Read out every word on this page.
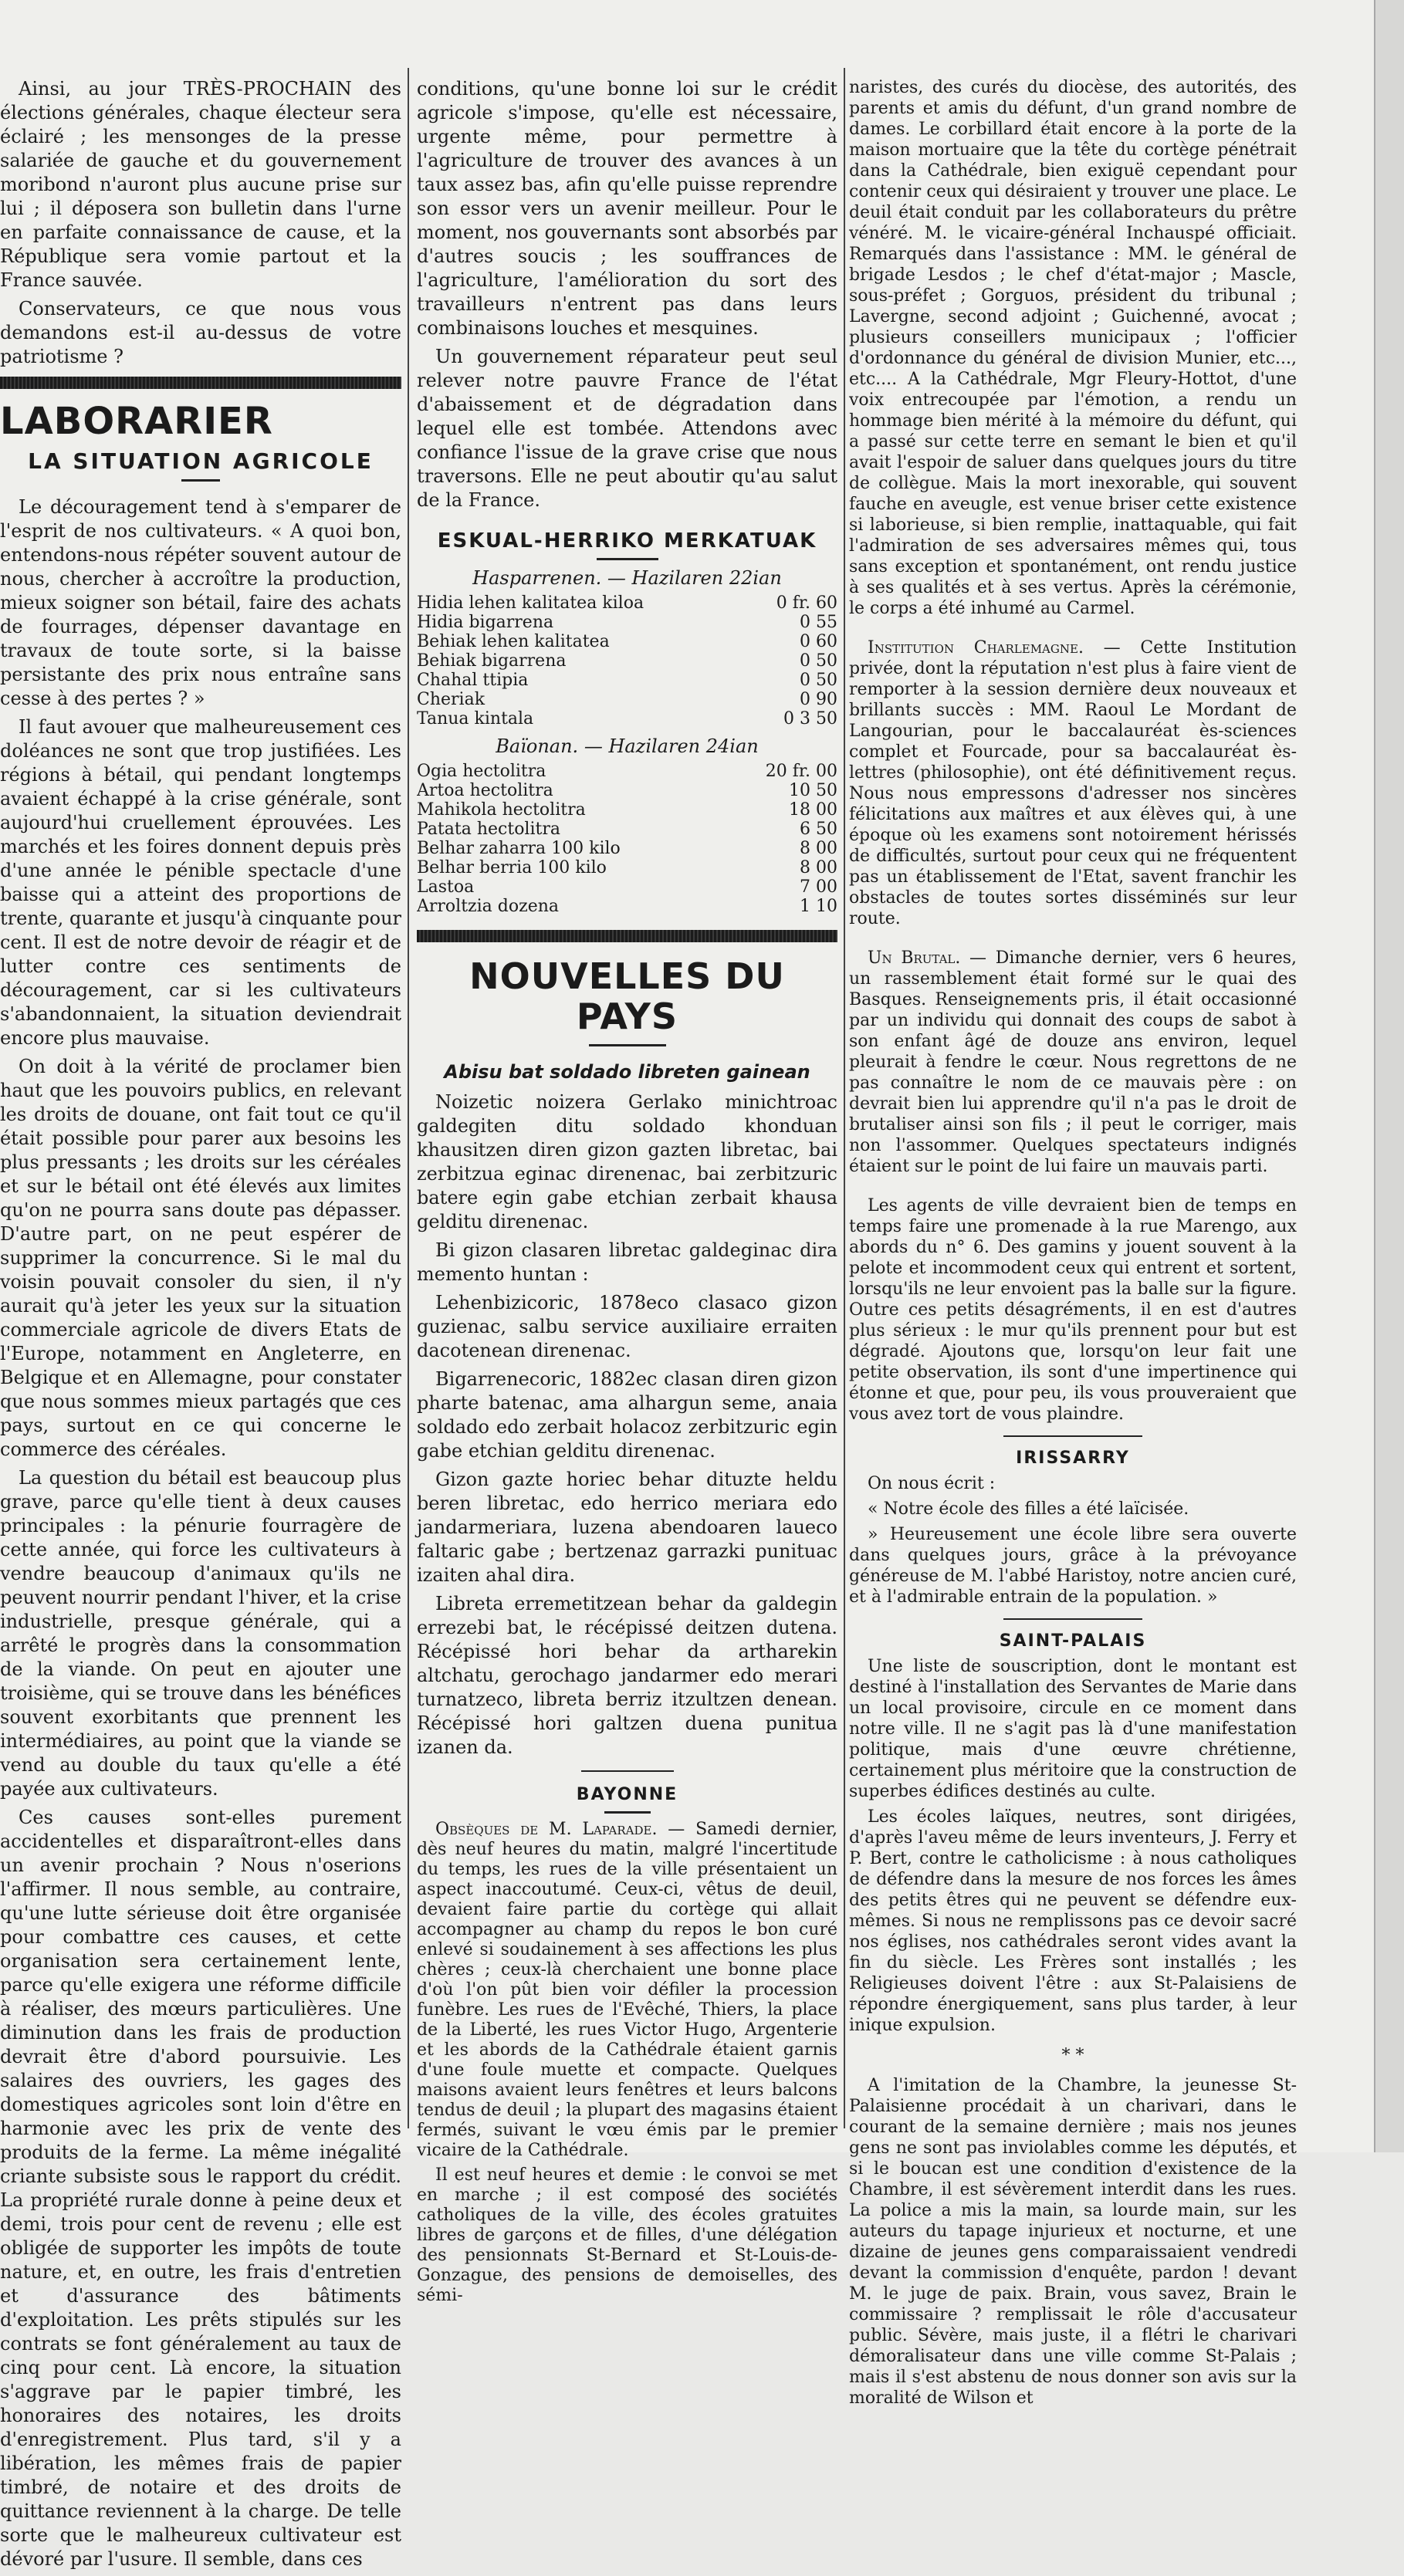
Ainsi, au jour TRÈS-PROCHAIN des élections générales, chaque électeur sera éclairé ; les mensonges de la presse salariée de gauche et du gouvernement moribond n'auront plus aucune prise sur lui ; il déposera son bulletin dans l'urne en parfaite connaissance de cause, et la République sera vomie partout et la France sauvée.

Conservateurs, ce que nous vous demandons est-il au-dessus de votre patriotisme ?

LABORARIER
LA SITUATION AGRICOLE

Le découragement tend à s'emparer de l'esprit de nos cultivateurs. « A quoi bon, entendons-nous répéter souvent autour de nous, chercher à accroître la production, mieux soigner son bétail, faire des achats de fourrages, dépenser davantage en travaux de toute sorte, si la baisse persistante des prix nous entraîne sans cesse à des pertes ? »

Il faut avouer que malheureusement ces doléances ne sont que trop justifiées. Les régions à bétail, qui pendant longtemps avaient échappé à la crise générale, sont aujourd'hui cruellement éprouvées. Les marchés et les foires donnent depuis près d'une année le pénible spectacle d'une baisse qui a atteint des proportions de trente, quarante et jusqu'à cinquante pour cent. Il est de notre devoir de réagir et de lutter contre ces sentiments de découragement, car si les cultivateurs s'abandonnaient, la situation deviendrait encore plus mauvaise.

On doit à la vérité de proclamer bien haut que les pouvoirs publics, en relevant les droits de douane, ont fait tout ce qu'il était possible pour parer aux besoins les plus pressants ; les droits sur les céréales et sur le bétail ont été élevés aux limites qu'on ne pourra sans doute pas dépasser. D'autre part, on ne peut espérer de supprimer la concurrence. Si le mal du voisin pouvait consoler du sien, il n'y aurait qu'à jeter les yeux sur la situation commerciale agricole de divers Etats de l'Europe, notamment en Angleterre, en Belgique et en Allemagne, pour constater que nous sommes mieux partagés que ces pays, surtout en ce qui concerne le commerce des céréales.

La question du bétail est beaucoup plus grave, parce qu'elle tient à deux causes principales : la pénurie fourragère de cette année, qui force les cultivateurs à vendre beaucoup d'animaux qu'ils ne peuvent nourrir pendant l'hiver, et la crise industrielle, presque générale, qui a arrêté le progrès dans la consommation de la viande. On peut en ajouter une troisième, qui se trouve dans les bénéfices souvent exorbitants que prennent les intermédiaires, au point que la viande se vend au double du taux qu'elle a été payée aux cultivateurs.

Ces causes sont-elles purement accidentelles et disparaîtront-elles dans un avenir prochain ? Nous n'oserions l'affirmer. Il nous semble, au contraire, qu'une lutte sérieuse doit être organisée pour combattre ces causes, et cette organisation sera certainement lente, parce qu'elle exigera une réforme difficile à réaliser, des mœurs particulières. Une diminution dans les frais de production devrait être d'abord poursuivie. Les salaires des ouvriers, les gages des domestiques agricoles sont loin d'être en harmonie avec les prix de vente des produits de la ferme. La même inégalité criante subsiste sous le rapport du crédit. La propriété rurale donne à peine deux et demi, trois pour cent de revenu ; elle est obligée de supporter les impôts de toute nature, et, en outre, les frais d'entretien et d'assurance des bâtiments d'exploitation. Les prêts stipulés sur les contrats se font généralement au taux de cinq pour cent. Là encore, la situation s'aggrave par le papier timbré, les honoraires des notaires, les droits d'enregistrement. Plus tard, s'il y a libération, les mêmes frais de papier timbré, de notaire et des droits de quittance reviennent à la charge. De telle sorte que le malheureux cultivateur est dévoré par l'usure. Il semble, dans ces

conditions, qu'une bonne loi sur le crédit agricole s'impose, qu'elle est nécessaire, urgente même, pour permettre à l'agriculture de trouver des avances à un taux assez bas, afin qu'elle puisse reprendre son essor vers un avenir meilleur. Pour le moment, nos gouvernants sont absorbés par d'autres soucis ; les souffrances de l'agriculture, l'amélioration du sort des travailleurs n'entrent pas dans leurs combinaisons louches et mesquines.

Un gouvernement réparateur peut seul relever notre pauvre France de l'état d'abaissement et de dégradation dans lequel elle est tombée. Attendons avec confiance l'issue de la grave crise que nous traversons. Elle ne peut aboutir qu'au salut de la France.

ESKUAL-HERRIKO MERKATUAK
Hasparrenen. — Hazilaren 22ian
Hidia lehen kalitatea kiloa	0 fr. 60
Hidia bigarrena	0 55
Behiak lehen kalitatea	0 60
Behiak bigarrena	0 50
Chahal ttipia	0 50
Cheriak	0 90
Tanua kintala	0 3 50
Baïonan. — Hazilaren 24ian
Ogia hectolitra	20 fr. 00
Artoa hectolitra	10 50
Mahikola hectolitra	18 00
Patata hectolitra	6 50
Belhar zaharra 100 kilo	8 00
Belhar berria 100 kilo	8 00
Lastoa	7 00
Arroltzia dozena	1 10
NOUVELLES DU PAYS
Abisu bat soldado libreten gainean

Noizetic noizera Gerlako minichtroac galdegiten ditu soldado khonduan khausitzen diren gizon gazten libretac, bai zerbitzua eginac direnenac, bai zerbitzuric batere egin gabe etchian zerbait khausa gelditu direnenac.

Bi gizon clasaren libretac galdeginac dira memento huntan :

Lehenbizicoric, 1878eco clasaco gizon guzienac, salbu service auxiliaire erraiten dacotenean direnenac.

Bigarrenecoric, 1882ec clasan diren gizon pharte batenac, ama alhargun seme, anaia soldado edo zerbait holacoz zerbitzuric egin gabe etchian gelditu direnenac.

Gizon gazte horiec behar dituzte heldu beren libretac, edo herrico meriara edo jandarmeriara, luzena abendoaren laueco faltaric gabe ; bertzenaz garrazki punituac izaiten ahal dira.

Libreta erremetitzean behar da galdegin errezebi bat, le récépissé deitzen dutena. Récépissé hori behar da artharekin altchatu, gerochago jandarmer edo merari turnatzeco, libreta berriz itzultzen denean. Récépissé hori galtzen duena punitua izanen da.

BAYONNE

Obsèques de M. Laparade. — Samedi dernier, dès neuf heures du matin, malgré l'incertitude du temps, les rues de la ville présentaient un aspect inaccoutumé. Ceux-ci, vêtus de deuil, devaient faire partie du cortège qui allait accompagner au champ du repos le bon curé enlevé si soudainement à ses affections les plus chères ; ceux-là cherchaient une bonne place d'où l'on pût bien voir défiler la procession funèbre. Les rues de l'Evêché, Thiers, la place de la Liberté, les rues Victor Hugo, Argenterie et les abords de la Cathédrale étaient garnis d'une foule muette et compacte. Quelques maisons avaient leurs fenêtres et leurs balcons tendus de deuil ; la plupart des magasins étaient fermés, suivant le vœu émis par le premier vicaire de la Cathédrale.

Il est neuf heures et demie : le convoi se met en marche ; il est composé des sociétés catholiques de la ville, des écoles gratuites libres de garçons et de filles, d'une délégation des pensionnats St-Bernard et St-Louis-de-Gonzague, des pensions de demoiselles, des sémi-

naristes, des curés du diocèse, des autorités, des parents et amis du défunt, d'un grand nombre de dames. Le corbillard était encore à la porte de la maison mortuaire que la tête du cortège pénétrait dans la Cathédrale, bien exiguë cependant pour contenir ceux qui désiraient y trouver une place. Le deuil était conduit par les collaborateurs du prêtre vénéré. M. le vicaire-général Inchauspé officiait. Remarqués dans l'assistance : MM. le général de brigade Lesdos ; le chef d'état-major ; Mascle, sous-préfet ; Gorguos, président du tribunal ; Lavergne, second adjoint ; Guichenné, avocat ; plusieurs conseillers municipaux ; l'officier d'ordonnance du général de division Munier, etc..., etc.... A la Cathédrale, Mgr Fleury-Hottot, d'une voix entrecoupée par l'émotion, a rendu un hommage bien mérité à la mémoire du défunt, qui a passé sur cette terre en semant le bien et qu'il avait l'espoir de saluer dans quelques jours du titre de collègue. Mais la mort inexorable, qui souvent fauche en aveugle, est venue briser cette existence si laborieuse, si bien remplie, inattaquable, qui fait l'admiration de ses adversaires mêmes qui, tous sans exception et spontanément, ont rendu justice à ses qualités et à ses vertus. Après la cérémonie, le corps a été inhumé au Carmel.

Institution Charlemagne. — Cette Institution privée, dont la réputation n'est plus à faire vient de remporter à la session dernière deux nouveaux et brillants succès : MM. Raoul Le Mordant de Langourian, pour le baccalauréat ès-sciences complet et Fourcade, pour sa baccalauréat ès-lettres (philosophie), ont été définitivement reçus. Nous nous empressons d'adresser nos sincères félicitations aux maîtres et aux élèves qui, à une époque où les examens sont notoirement hérissés de difficultés, surtout pour ceux qui ne fréquentent pas un établissement de l'Etat, savent franchir les obstacles de toutes sortes disséminés sur leur route.

Un Brutal. — Dimanche dernier, vers 6 heures, un rassemblement était formé sur le quai des Basques. Renseignements pris, il était occasionné par un individu qui donnait des coups de sabot à son enfant âgé de douze ans environ, lequel pleurait à fendre le cœur. Nous regrettons de ne pas connaître le nom de ce mauvais père : on devrait bien lui apprendre qu'il n'a pas le droit de brutaliser ainsi son fils ; il peut le corriger, mais non l'assommer. Quelques spectateurs indignés étaient sur le point de lui faire un mauvais parti.

Les agents de ville devraient bien de temps en temps faire une promenade à la rue Marengo, aux abords du n° 6. Des gamins y jouent souvent à la pelote et incommodent ceux qui entrent et sortent, lorsqu'ils ne leur envoient pas la balle sur la figure. Outre ces petits désagréments, il en est d'autres plus sérieux : le mur qu'ils prennent pour but est dégradé. Ajoutons que, lorsqu'on leur fait une petite observation, ils sont d'une impertinence qui étonne et que, pour peu, ils vous prouveraient que vous avez tort de vous plaindre.

IRISSARRY

On nous écrit :

« Notre école des filles a été laïcisée.

» Heureusement une école libre sera ouverte dans quelques jours, grâce à la prévoyance généreuse de M. l'abbé Haristoy, notre ancien curé, et à l'admirable entrain de la population. »

SAINT-PALAIS

Une liste de souscription, dont le montant est destiné à l'installation des Servantes de Marie dans un local provisoire, circule en ce moment dans notre ville. Il ne s'agit pas là d'une manifestation politique, mais d'une œuvre chrétienne, certainement plus méritoire que la construction de superbes édifices destinés au culte.

Les écoles laïques, neutres, sont dirigées, d'après l'aveu même de leurs inventeurs, J. Ferry et P. Bert, contre le catholicisme : à nous catholiques de défendre dans la mesure de nos forces les âmes des petits êtres qui ne peuvent se défendre eux-mêmes. Si nous ne remplissons pas ce devoir sacré nos églises, nos cathédrales seront vides avant la fin du siècle. Les Frères sont installés ; les Religieuses doivent l'être : aux St-Palaisiens de répondre énergiquement, sans plus tarder, à leur inique expulsion.

* *

A l'imitation de la Chambre, la jeunesse St-Palaisienne procédait à un charivari, dans le courant de la semaine dernière ; mais nos jeunes gens ne sont pas inviolables comme les députés, et si le boucan est une condition d'existence de la Chambre, il est sévèrement interdit dans les rues. La police a mis la main, sa lourde main, sur les auteurs du tapage injurieux et nocturne, et une dizaine de jeunes gens comparaissaient vendredi devant la commission d'enquête, pardon ! devant M. le juge de paix. Brain, vous savez, Brain le commissaire ? remplissait le rôle d'accusateur public. Sévère, mais juste, il a flétri le charivari démoralisateur dans une ville comme St-Palais ; mais il s'est abstenu de nous donner son avis sur la moralité de Wilson et
